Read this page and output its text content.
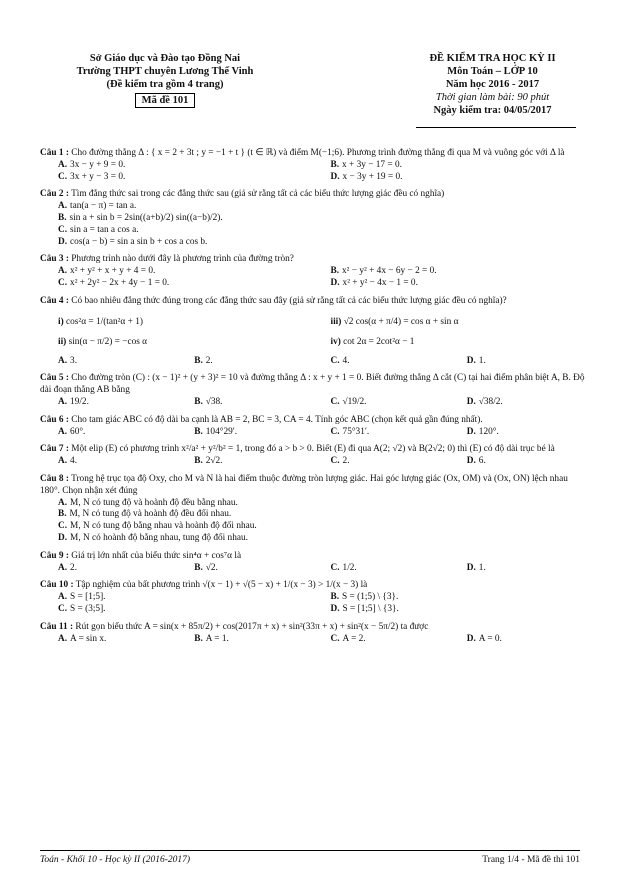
Sở Giáo dục và Đào tạo Đồng Nai
Trường THPT chuyên Lương Thế Vinh
(Đề kiểm tra gồm 4 trang)
Mã đề 101
ĐỀ KIỂM TRA HỌC KỲ II
Môn Toán – LỚP 10
Năm học 2016 - 2017
Thời gian làm bài: 90 phút
Ngày kiểm tra: 04/05/2017
Câu 1 : Cho đường thẳng Δ : { x = 2 + 3t ; y = −1 + t } (t ∈ ℝ) và điểm M(−1;6). Phương trình đường thẳng đi qua M và vuông góc với Δ là
A. 3x − y + 9 = 0.	B. x + 3y − 17 = 0.
C. 3x + y − 3 = 0.	D. x − 3y + 19 = 0.
Câu 2 : Tìm đẳng thức sai trong các đẳng thức sau (giả sử rằng tất cả các biểu thức lượng giác đều có nghĩa)
A. tan(a − π) = tan a.
B. sin a + sin b = 2sin((a+b)/2) sin((a−b)/2).
C. sin a = tan a cos a.
D. cos(a − b) = sin a sin b + cos a cos b.
Câu 3 : Phương trình nào dưới đây là phương trình của đường tròn?
A. x² + y² + x + y + 4 = 0.	B. x² − y² + 4x − 6y − 2 = 0.
C. x² + 2y² − 2x + 4y − 1 = 0.	D. x² + y² − 4x − 1 = 0.
Câu 4 : Có bao nhiêu đẳng thức đúng trong các đẳng thức sau đây (giả sử rằng tất cả các biểu thức lượng giác đều có nghĩa)?
i) cos²α = 1/(tan²α + 1)	iii) √2 cos(α + π/4) = cos α + sin α
ii) sin(α − π/2) = −cos α	iv) cot 2α = 2cot²α − 1
A. 3.	B. 2.	C. 4.	D. 1.
Câu 5 : Cho đường tròn (C) : (x − 1)² + (y + 3)² = 10 và đường thẳng Δ : x + y + 1 = 0. Biết đường thẳng Δ cắt (C) tại hai điểm phân biệt A, B. Độ dài đoạn thẳng AB bằng
A. 19/2.	B. √38.	C. √19/2.	D. √38/2.
Câu 6 : Cho tam giác ABC có độ dài ba cạnh là AB = 2, BC = 3, CA = 4. Tính góc ABC (chọn kết quả gần đúng nhất).
A. 60°.	B. 104°29′.	C. 75°31′.	D. 120°.
Câu 7 : Một elip (E) có phương trình x²/a² + y²/b² = 1, trong đó a > b > 0. Biết (E) đi qua A(2; √2) và B(2√2; 0) thì (E) có độ dài trục bé là
A. 4.	B. 2√2.	C. 2.	D. 6.
Câu 8 : Trong hệ trục tọa độ Oxy, cho M và N là hai điểm thuộc đường tròn lượng giác. Hai góc lượng giác (Ox, OM) và (Ox, ON) lệch nhau 180°. Chọn nhận xét đúng
A. M, N có tung độ và hoành độ đều bằng nhau.
B. M, N có tung độ và hoành độ đều đối nhau.
C. M, N có tung độ bằng nhau và hoành độ đối nhau.
D. M, N có hoành độ bằng nhau, tung độ đối nhau.
Câu 9 : Giá trị lớn nhất của biểu thức sin⁴α + cos⁷α là
A. 2.	B. √2.	C. 1/2.	D. 1.
Câu 10 : Tập nghiệm của bất phương trình √(x − 1) + √(5 − x) + 1/(x − 3) > 1/(x − 3) là
A. S = [1;5].	B. S = (1;5) \ {3}.
C. S = (3;5].	D. S = [1;5] \ {3}.
Câu 11 : Rút gọn biểu thức A = sin(x + 85π/2) + cos(2017π + x) + sin²(33π + x) + sin²(x − 5π/2) ta được
A. A = sin x.	B. A = 1.	C. A = 2.	D. A = 0.
Toán - Khối 10 - Học kỳ II (2016-2017)	Trang 1/4 - Mã đề thi 101
